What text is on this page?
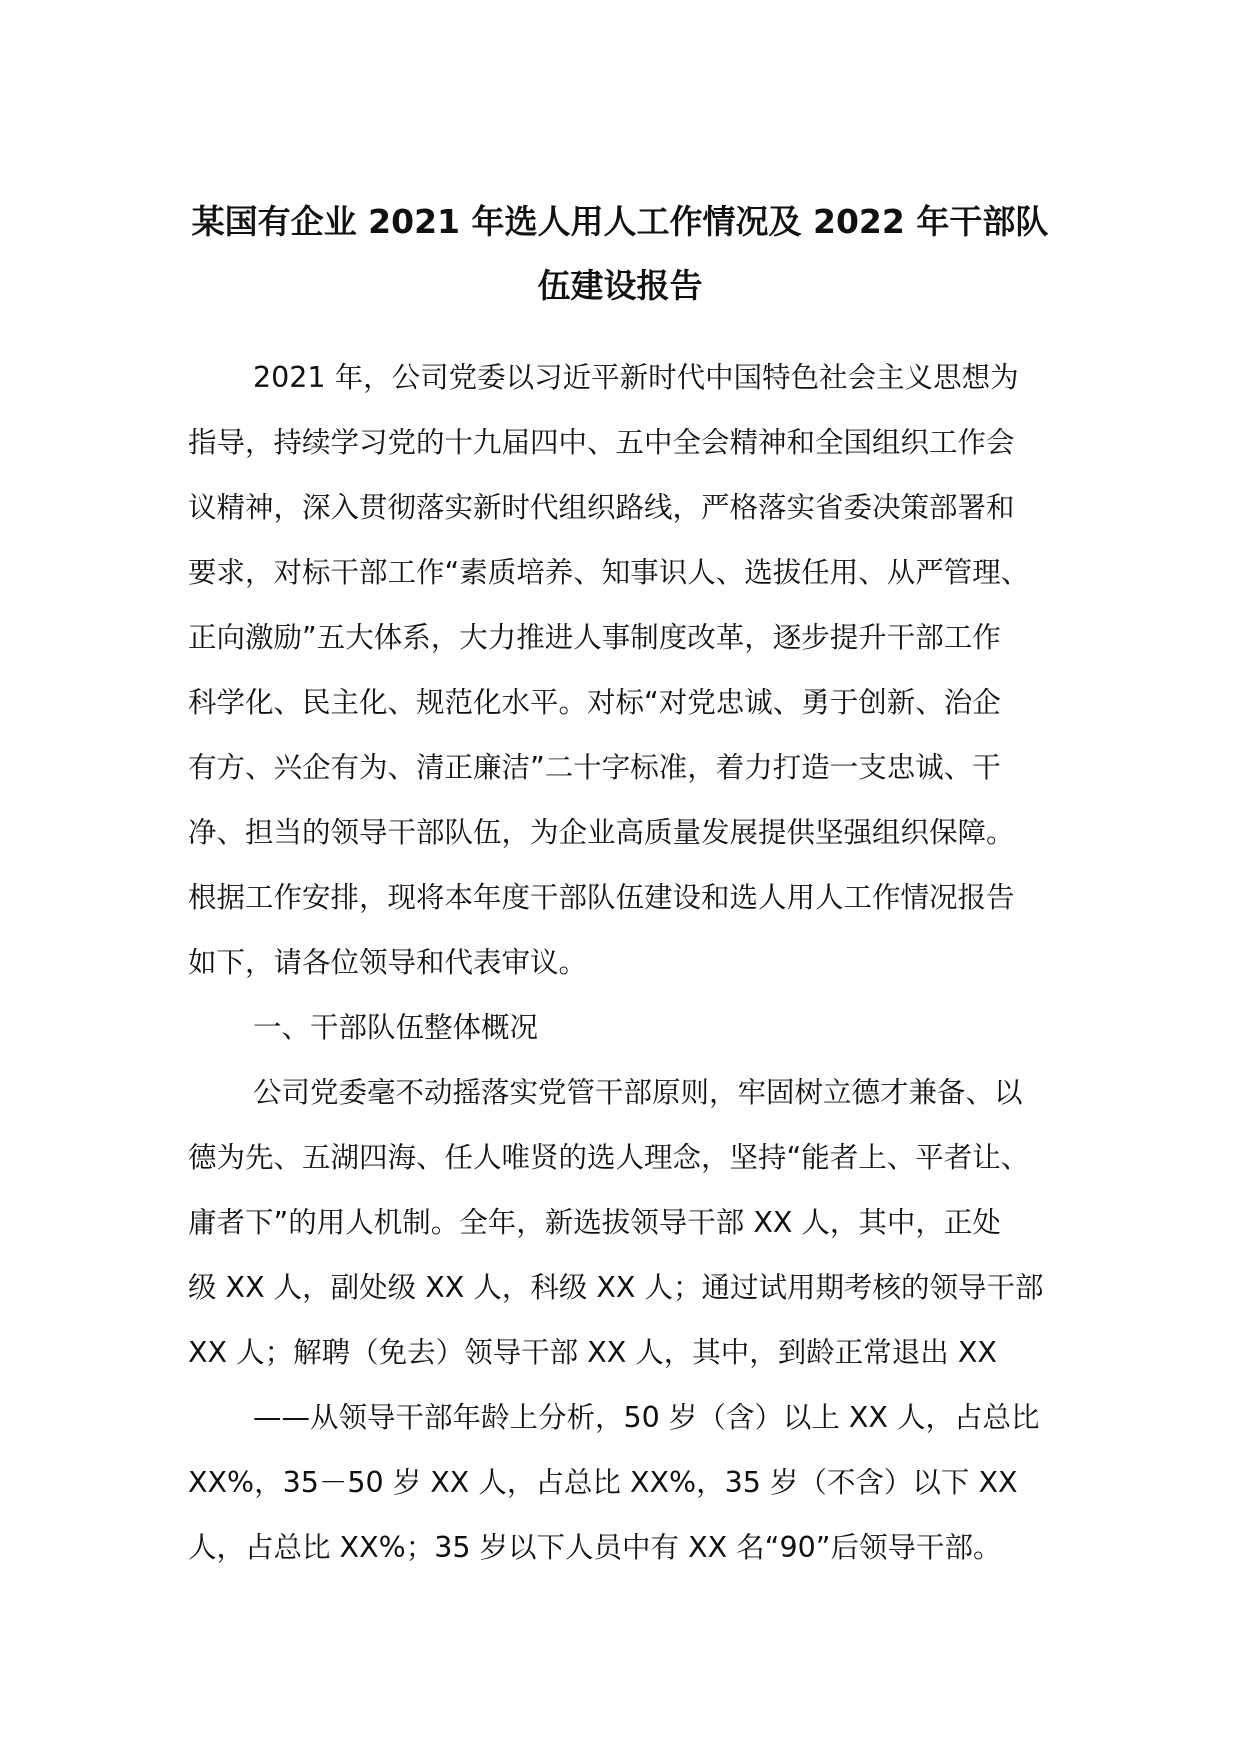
某国有企业 2021 年选人用人工作情况及 2022 年干部队
伍建设报告
2021 年，公司党委以习近平新时代中国特色社会主义思想为
指导，持续学习党的十九届四中、五中全会精神和全国组织工作会
议精神，深入贯彻落实新时代组织路线，严格落实省委决策部署和
要求，对标干部工作“素质培养、知事识人、选拔任用、从严管理、
正向激励”五大体系，大力推进人事制度改革，逐步提升干部工作
科学化、民主化、规范化水平。对标“对党忠诚、勇于创新、治企
有方、兴企有为、清正廉洁”二十字标准，着力打造一支忠诚、干
净、担当的领导干部队伍，为企业高质量发展提供坚强组织保障。
根据工作安排，现将本年度干部队伍建设和选人用人工作情况报告
如下，请各位领导和代表审议。
一、干部队伍整体概况
公司党委毫不动摇落实党管干部原则，牢固树立德才兼备、以
德为先、五湖四海、任人唯贤的选人理念，坚持“能者上、平者让、
庸者下”的用人机制。全年，新选拔领导干部 XX 人，其中，正处
级 XX 人，副处级 XX 人，科级 XX 人；通过试用期考核的领导干部
XX 人；解聘（免去）领导干部 XX 人，其中，到龄正常退出 XX
——从领导干部年龄上分析，50 岁（含）以上 XX 人，占总比
XX%，35－50 岁 XX 人，占总比 XX%，35 岁（不含）以下 XX
人，占总比 XX%；35 岁以下人员中有 XX 名“90”后领导干部。
